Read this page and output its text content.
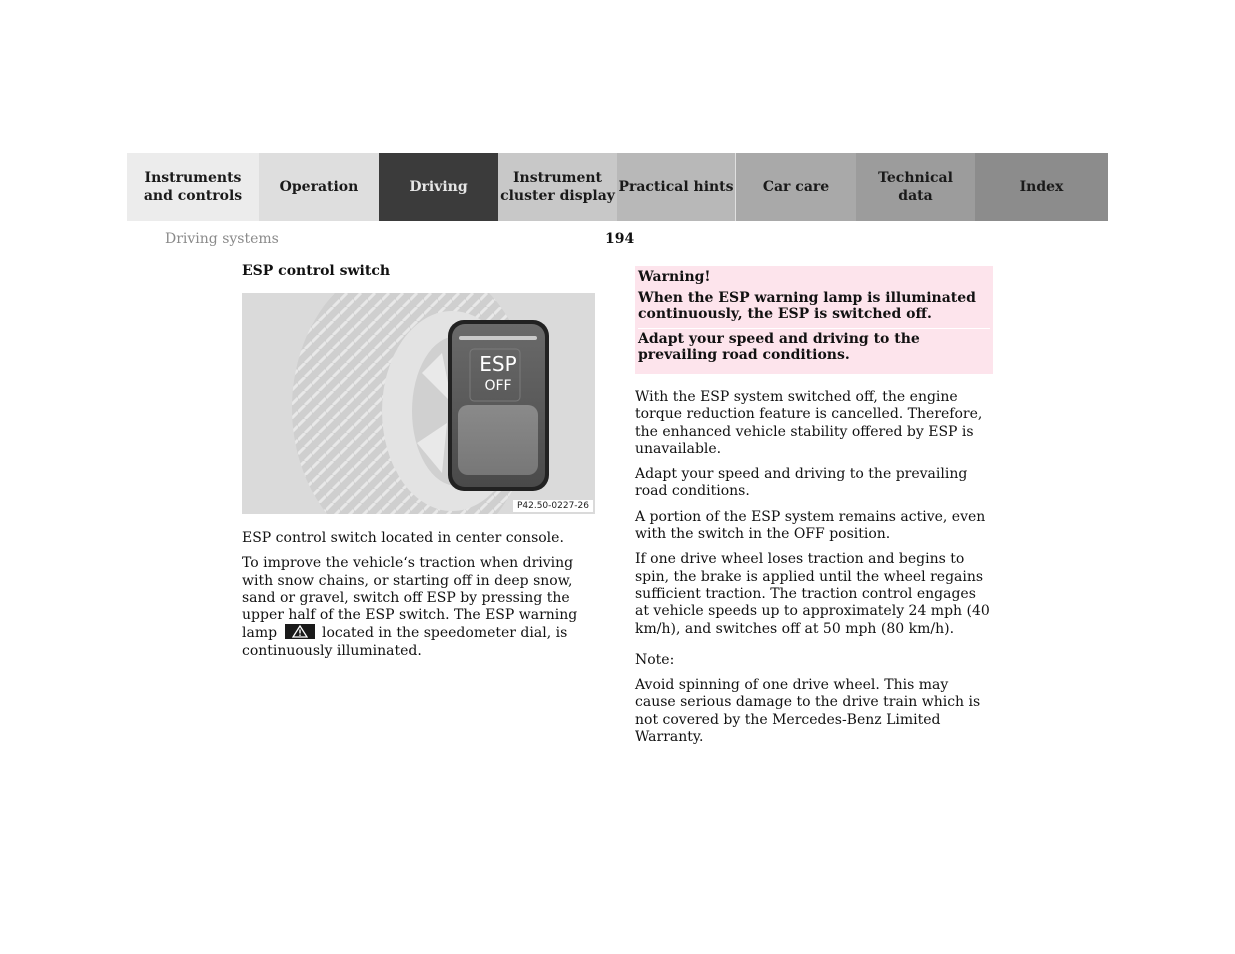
Instruments
and controls
Operation	Driving
Instrument
cluster display
Practical hints	Car care
Technical
data
Index
Driving systems	194
ESP control switch
ESP
OFF
P42.50-0227-26

ESP control switch located in center console.

To improve the vehicle‘s traction when driving with snow chains, or starting off in deep snow, sand or gravel, switch off ESP by pressing the upper half of the ESP switch. The ESP warning lamp	located in the speedometer dial, is continuously illuminated.

Warning!
When the ESP warning lamp is illuminated continuously, the ESP is switched off.
Adapt your speed and driving to the prevailing road conditions.

With the ESP system switched off, the engine torque reduction feature is cancelled. Therefore, the enhanced vehicle stability offered by ESP is unavailable.

Adapt your speed and driving to the prevailing road conditions.

A portion of the ESP system remains active, even with the switch in the OFF position.

If one drive wheel loses traction and begins to spin, the brake is applied until the wheel regains sufficient traction. The traction control engages at vehicle speeds up to approximately 24 mph (40 km/h), and switches off at 50 mph (80 km/h).

Note:

Avoid spinning of one drive wheel. This may cause serious damage to the drive train which is not covered by the Mercedes-Benz Limited Warranty.
